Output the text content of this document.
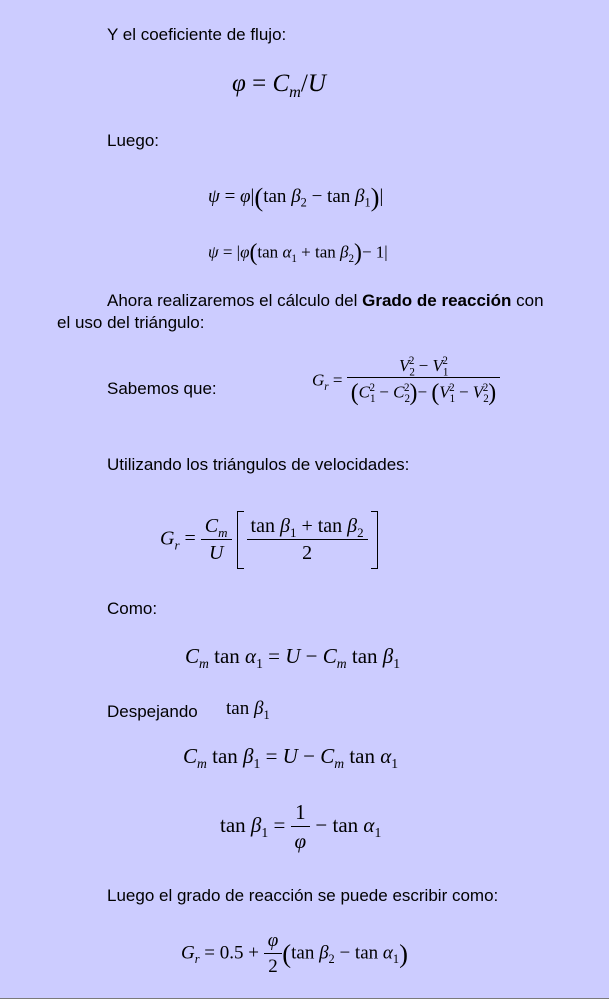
Y el coeficiente de flujo:
$\varphi = C_m/U$
Luego:
ψ = φ|(tan $\beta_2 - \tan \beta_1)|$
ψ = |φ(tan $\alpha_1 + \tan \beta_2)- 1|$
Ahora realizaremos el cálculo del Grado de reacción con
el uso del triángulo:
Sabemos que:	$G_r = \frac{V_2^2 - V_1^2}{(C_1^2 - C_2^2)- (V_1^2 - V_2^2)}$
Utilizando los triángulos de velocidades:
$G_r = \frac{C_m}{U}$
$\frac{\tan \beta_1 + \tan \beta_2}{2}$
Como:
$C_m$ $\tan \alpha_1 = U - C_m$ $\tan \beta_1$
Despejando $\tan \beta_1$
$C_m$ $\tan \beta_1 = U - C_m$ $\tan \alpha_1$
$\tan \beta_1 = \frac{1}{\varphi} - \tan \alpha_1$
Luego el grado de reacción se puede escribir como:
$G_r = 0.5 + \frac{\varphi}{2} (\tan$ $\beta_2 - \tan \alpha_1$)
